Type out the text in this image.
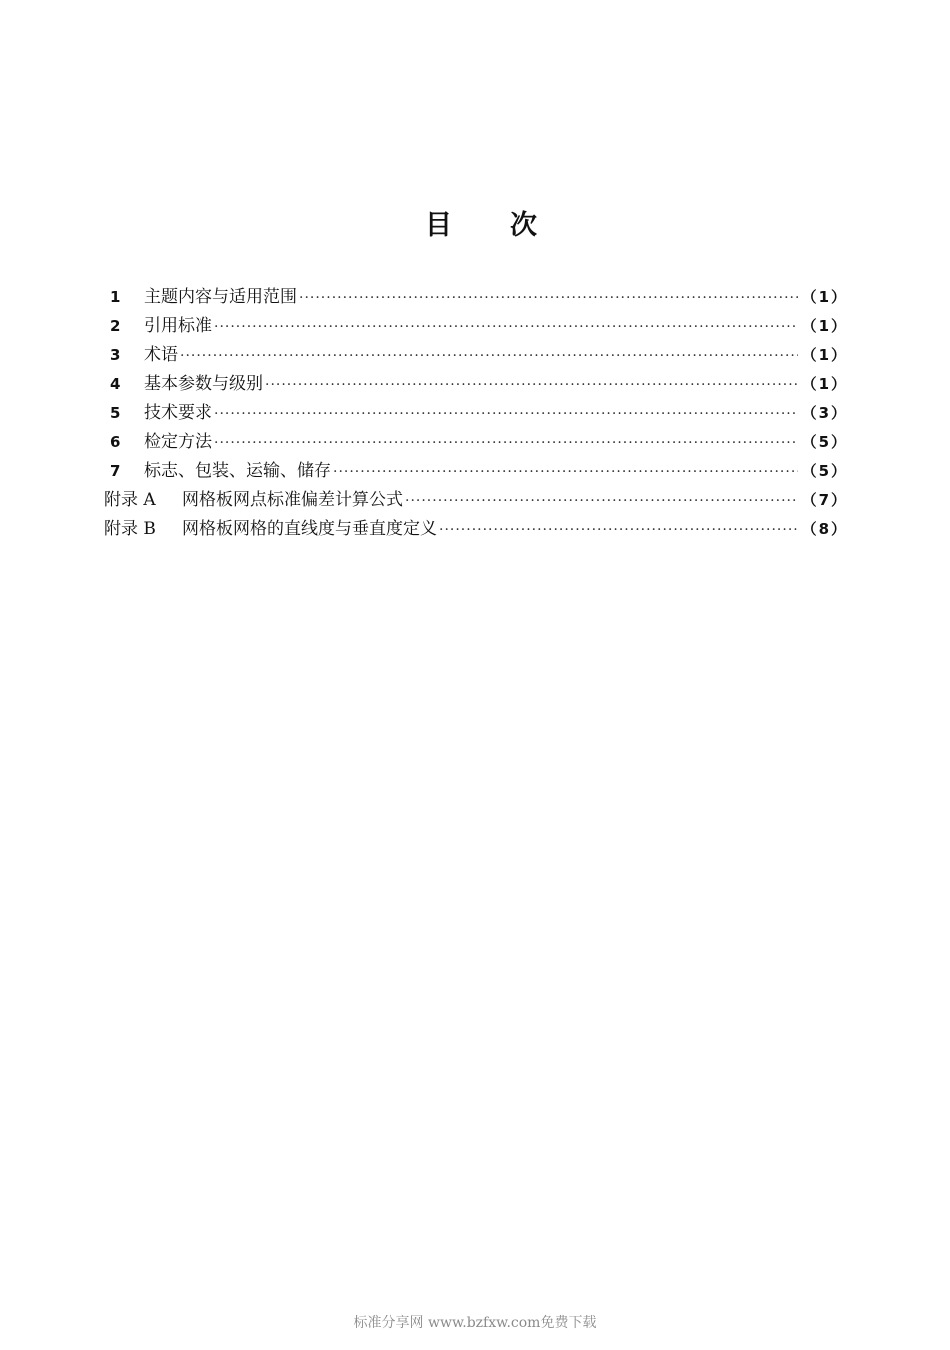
目 次
1	主题内容与适用范围 ·····	（1）
2	引用标准 ·····	（1）
3	术语 ·····	（1）
4	基本参数与级别 ·····	（1）
5	技术要求 ·····	（3）
6	检定方法 ·····	（5）
7	标志、包装、运输、储存 ·····	（5）
附录 A	网格板网点标准偏差计算公式 ·····	（7）
附录 B	网格板网格的直线度与垂直度定义 ·····	（8）
标准分享网 www.bzfxw.com免费下载
